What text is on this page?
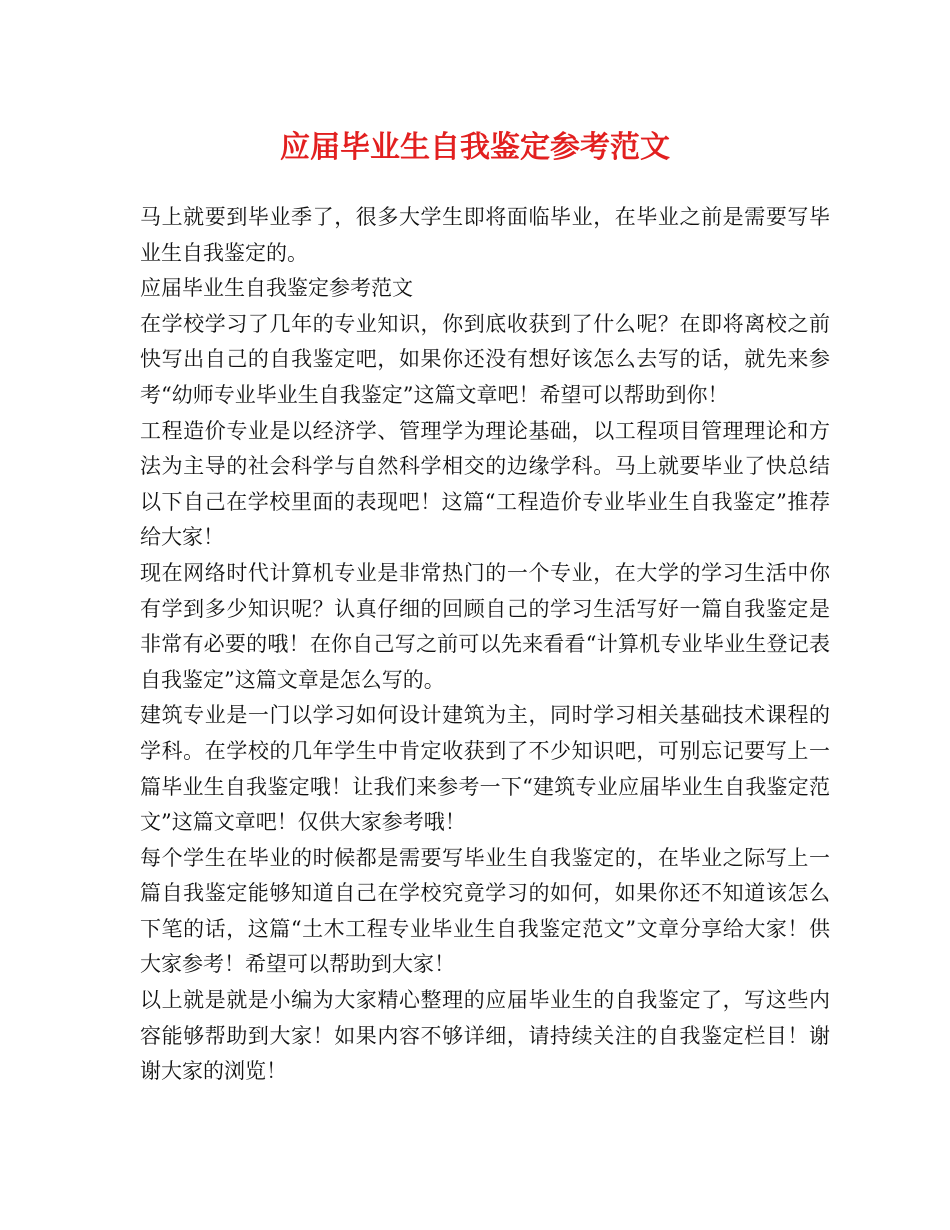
应届毕业生自我鉴定参考范文

马上就要到毕业季了，很多大学生即将面临毕业，在毕业之前是需要写毕业生自我鉴定的。

应届毕业生自我鉴定参考范文

在学校学习了几年的专业知识，你到底收获到了什么呢？在即将离校之前快写出自己的自我鉴定吧，如果你还没有想好该怎么去写的话，就先来参考“幼师专业毕业生自我鉴定”这篇文章吧！希望可以帮助到你！

工程造价专业是以经济学、管理学为理论基础，以工程项目管理理论和方法为主导的社会科学与自然科学相交的边缘学科。马上就要毕业了快总结以下自己在学校里面的表现吧！这篇“工程造价专业毕业生自我鉴定”推荐给大家！

现在网络时代计算机专业是非常热门的一个专业，在大学的学习生活中你有学到多少知识呢？认真仔细的回顾自己的学习生活写好一篇自我鉴定是非常有必要的哦！在你自己写之前可以先来看看“计算机专业毕业生登记表自我鉴定”这篇文章是怎么写的。

建筑专业是一门以学习如何设计建筑为主，同时学习相关基础技术课程的学科。在学校的几年学生中肯定收获到了不少知识吧，可别忘记要写上一篇毕业生自我鉴定哦！让我们来参考一下“建筑专业应届毕业生自我鉴定范文”这篇文章吧！仅供大家参考哦！

每个学生在毕业的时候都是需要写毕业生自我鉴定的，在毕业之际写上一篇自我鉴定能够知道自己在学校究竟学习的如何，如果你还不知道该怎么下笔的话，这篇“土木工程专业毕业生自我鉴定范文”文章分享给大家！供大家参考！希望可以帮助到大家！

以上就是就是小编为大家精心整理的应届毕业生的自我鉴定了，写这些内容能够帮助到大家！如果内容不够详细，请持续关注的自我鉴定栏目！谢谢大家的浏览！
